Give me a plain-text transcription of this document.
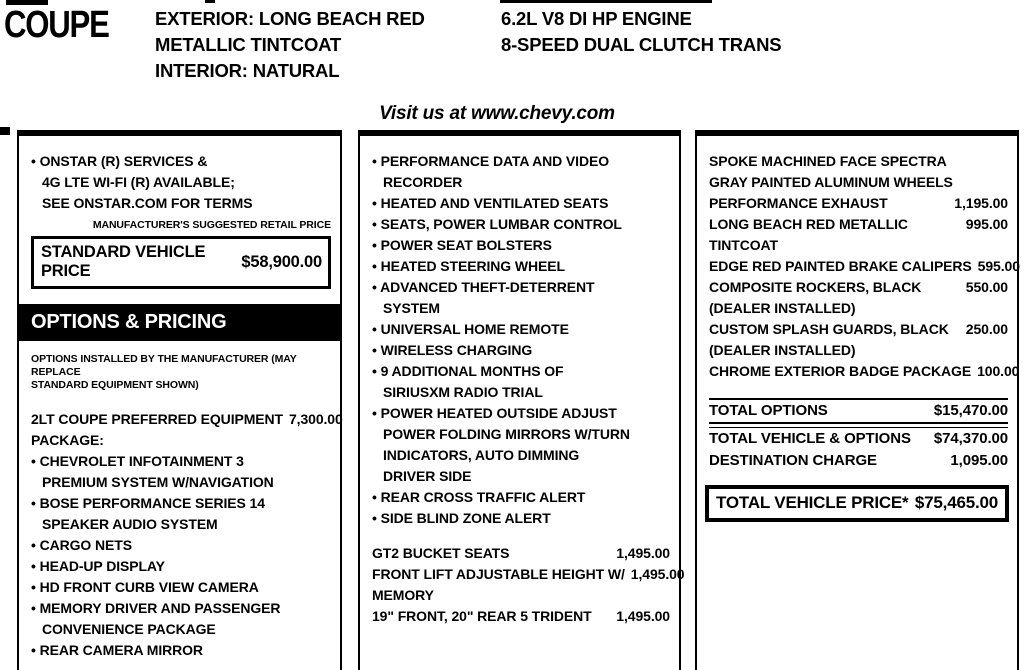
COUPE	EXTERIOR: LONG BEACH RED
METALLIC TINTCOAT
INTERIOR: NATURAL
6.2L V8 DI HP ENGINE
8-SPEED DUAL CLUTCH TRANS
Visit us at www.chevy.com
• ONSTAR (R) SERVICES &
4G LTE WI-FI (R) AVAILABLE;
SEE ONSTAR.COM FOR TERMS
MANUFACTURER'S SUGGESTED RETAIL PRICE
STANDARD VEHICLE PRICE
$58,900.00
OPTIONS & PRICING
OPTIONS INSTALLED BY THE MANUFACTURER (MAY REPLACE
STANDARD EQUIPMENT SHOWN)
2LT COUPE PREFERRED EQUIPMENT 7,300.00
PACKAGE:
• CHEVROLET INFOTAINMENT 3
PREMIUM SYSTEM W/NAVIGATION
• BOSE PERFORMANCE SERIES 14
SPEAKER AUDIO SYSTEM
• CARGO NETS
• HEAD-UP DISPLAY
• HD FRONT CURB VIEW CAMERA
• MEMORY DRIVER AND PASSENGER
CONVENIENCE PACKAGE
• REAR CAMERA MIRROR
• PERFORMANCE DATA AND VIDEO
RECORDER
• HEATED AND VENTILATED SEATS
• SEATS, POWER LUMBAR CONTROL
• POWER SEAT BOLSTERS
• HEATED STEERING WHEEL
• ADVANCED THEFT-DETERRENT
SYSTEM
• UNIVERSAL HOME REMOTE
• WIRELESS CHARGING
• 9 ADDITIONAL MONTHS OF
SIRIUSXM RADIO TRIAL
• POWER HEATED OUTSIDE ADJUST
POWER FOLDING MIRRORS W/TURN
INDICATORS, AUTO DIMMING
DRIVER SIDE
• REAR CROSS TRAFFIC ALERT
• SIDE BLIND ZONE ALERT
GT2 BUCKET SEATS	1,495.00
FRONT LIFT ADJUSTABLE HEIGHT W/ 1,495.00
MEMORY
19" FRONT, 20" REAR 5 TRIDENT 1,495.00
SPOKE MACHINED FACE SPECTRA
GRAY PAINTED ALUMINUM WHEELS
PERFORMANCE EXHAUST	1,195.00
LONG BEACH RED METALLIC	995.00
TINTCOAT
EDGE RED PAINTED BRAKE CALIPERS 595.00
COMPOSITE ROCKERS, BLACK	550.00
(DEALER INSTALLED)
CUSTOM SPLASH GUARDS, BLACK 250.00
(DEALER INSTALLED)
CHROME EXTERIOR BADGE PACKAGE 100.00
TOTAL OPTIONS	$15,470.00
TOTAL VEHICLE & OPTIONS $74,370.00
DESTINATION CHARGE	1,095.00
TOTAL VEHICLE PRICE* $75,465.00
